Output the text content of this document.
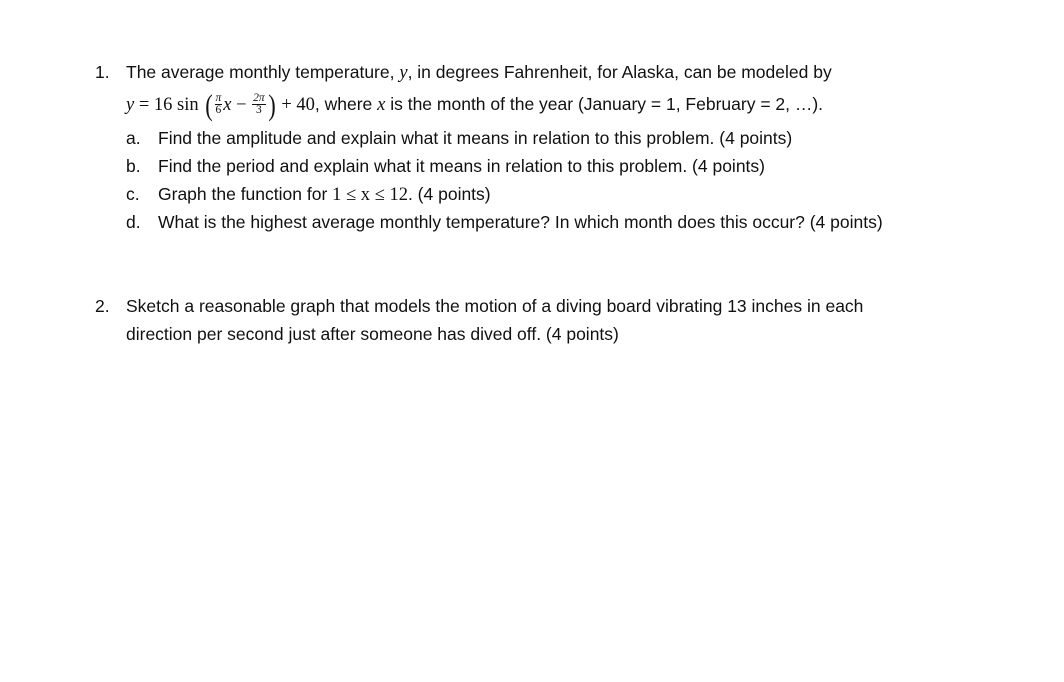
1. The average monthly temperature, y, in degrees Fahrenheit, for Alaska, can be modeled by
y = 16 sin ( $\frac{\pi}{6}$ $x - \frac{2\pi}{3}$ ) + 40, where x is the month of the year (January = 1, February = 2, …).
a. Find the amplitude and explain what it means in relation to this problem. (4 points)
b. Find the period and explain what it means in relation to this problem. (4 points)
c. Graph the function for 1 ≤ x ≤ 12. (4 points)
d. What is the highest average monthly temperature? In which month does this occur? (4 points)
2. Sketch a reasonable graph that models the motion of a diving board vibrating 13 inches in each
direction per second just after someone has dived off. (4 points)
